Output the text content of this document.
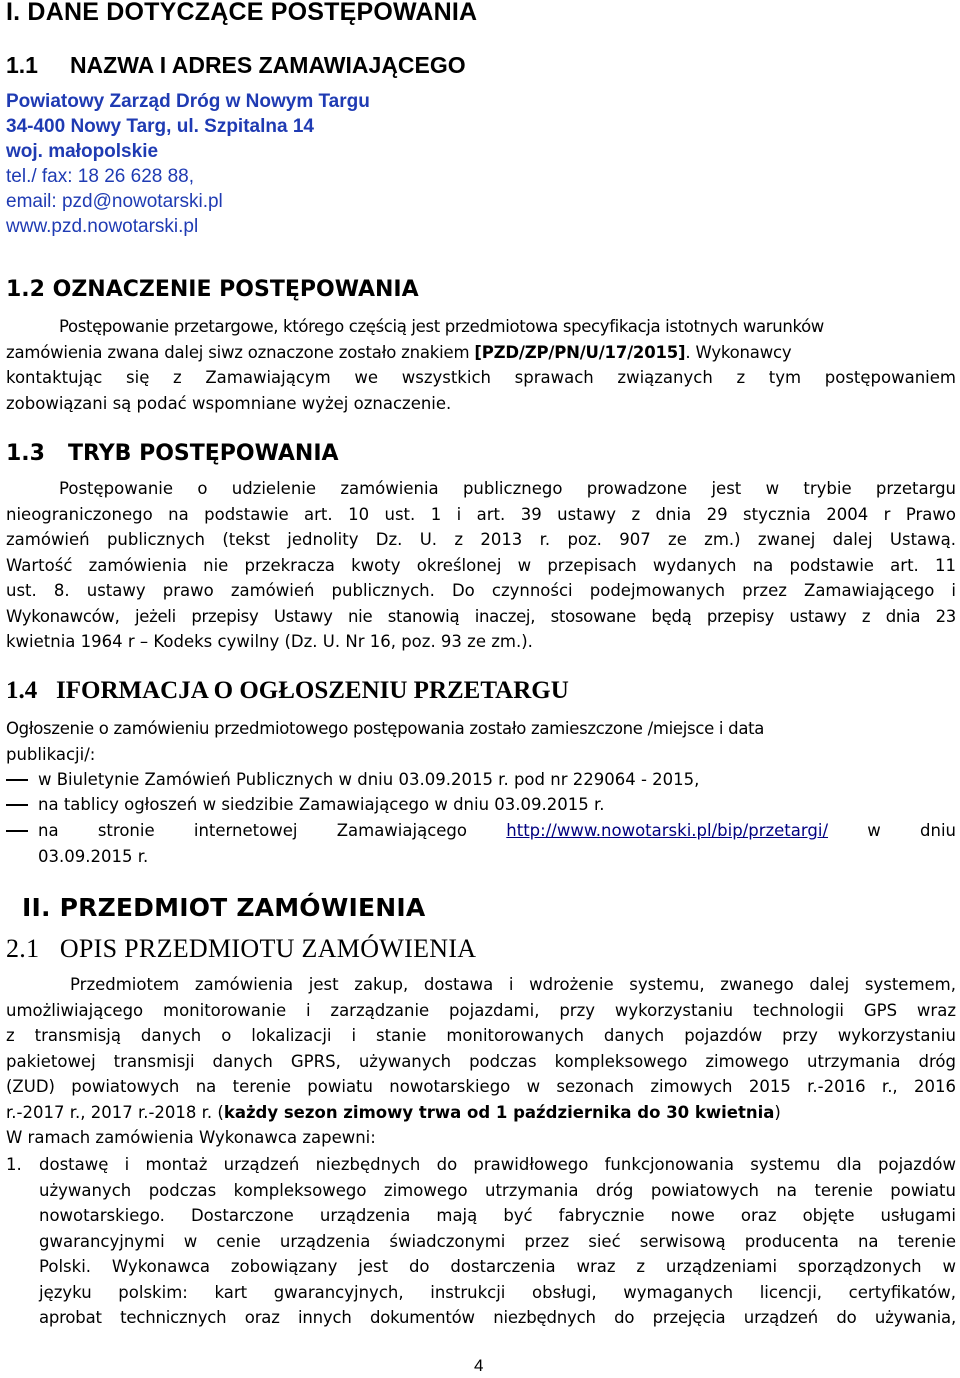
I. DANE DOTYCZĄCE POSTĘPOWANIA

1.1 NAZWA I ADRES ZAMAWIAJĄCEGO

Powiatowy Zarząd Dróg w Nowym Targu
34-400 Nowy Targ, ul. Szpitalna 14
woj. małopolskie
tel./ fax: 18 26 628 88,
email: pzd@nowotarski.pl
www.pzd.nowotarski.pl

1.2 OZNACZENIE POSTĘPOWANIA

Postępowanie przetargowe, którego częścią jest przedmiotowa specyfikacja istotnych warunków
zamówienia zwana dalej siwz oznaczone zostało znakiem [PZD/ZP/PN/U/17/2015]. Wykonawcy
kontaktując się z Zamawiającym we wszystkich sprawach związanych z tym postępowaniem
zobowiązani są podać wspomniane wyżej oznaczenie.

1.3 TRYB POSTĘPOWANIA

Postępowanie o udzielenie zamówienia publicznego prowadzone jest w trybie przetargu
nieograniczonego na podstawie art. 10 ust. 1 i art. 39 ustawy z dnia 29 stycznia 2004 r Prawo
zamówień publicznych (tekst jednolity Dz. U. z 2013 r. poz. 907 ze zm.) zwanej dalej Ustawą.
Wartość zamówienia nie przekracza kwoty określonej w przepisach wydanych na podstawie art. 11
ust. 8. ustawy prawo zamówień publicznych. Do czynności podejmowanych przez Zamawiającego i
Wykonawców, jeżeli przepisy Ustawy nie stanowią inaczej, stosowane będą przepisy ustawy z dnia 23
kwietnia 1964 r – Kodeks cywilny (Dz. U. Nr 16, poz. 93 ze zm.).

1.4 IFORMACJA O OGŁOSZENIU PRZETARGU

Ogłoszenie o zamówieniu przedmiotowego postępowania zostało zamieszczone /miejsce i data
publikacji/:
w Biuletynie Zamówień Publicznych w dniu 03.09.2015 r. pod nr 229064 - 2015,
na tablicy ogłoszeń w siedzibie Zamawiającego w dniu 03.09.2015 r.
na stronie internetowej Zamawiającego http://www.nowotarski.pl/bip/przetargi/ w dniu
03.09.2015 r.

II. PRZEDMIOT ZAMÓWIENIA

2.1 OPIS PRZEDMIOTU ZAMÓWIENIA

Przedmiotem zamówienia jest zakup, dostawa i wdrożenie systemu, zwanego dalej systemem,
umożliwiającego monitorowanie i zarządzanie pojazdami, przy wykorzystaniu technologii GPS wraz
z transmisją danych o lokalizacji i stanie monitorowanych danych pojazdów przy wykorzystaniu
pakietowej transmisji danych GPRS, używanych podczas kompleksowego zimowego utrzymania dróg
(ZUD) powiatowych na terenie powiatu nowotarskiego w sezonach zimowych 2015 r.-2016 r., 2016
r.-2017 r., 2017 r.-2018 r. (każdy sezon zimowy trwa od 1 października do 30 kwietnia)
W ramach zamówienia Wykonawca zapewni:
1. dostawę i montaż urządzeń niezbędnych do prawidłowego funkcjonowania systemu dla pojazdów
używanych podczas kompleksowego zimowego utrzymania dróg powiatowych na terenie powiatu
nowotarskiego. Dostarczone urządzenia mają być fabrycznie nowe oraz objęte usługami
gwarancyjnymi w cenie urządzenia świadczonymi przez sieć serwisową producenta na terenie
Polski. Wykonawca zobowiązany jest do dostarczenia wraz z urządzeniami sporządzonych w
języku polskim: kart gwarancyjnych, instrukcji obsługi, wymaganych licencji, certyfikatów,
aprobat technicznych oraz innych dokumentów niezbędnych do przejęcia urządzeń do używania,
4
